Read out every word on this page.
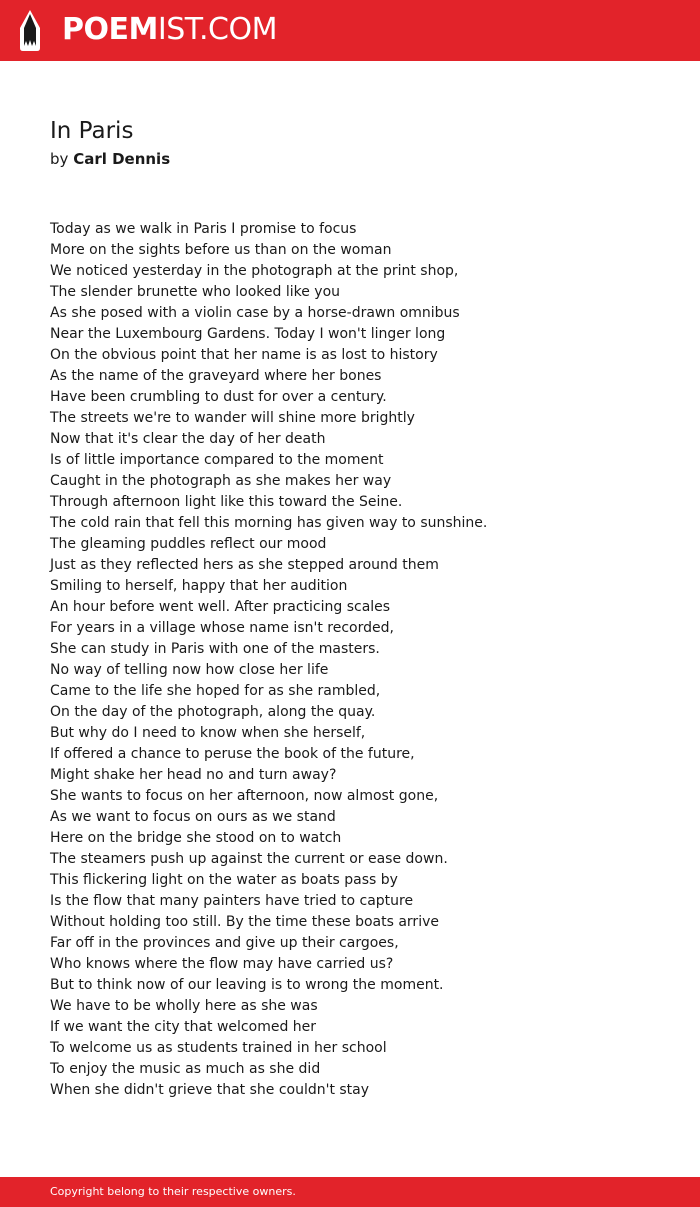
POEMIST.COM
In Paris
by Carl Dennis
Today as we walk in Paris I promise to focus
More on the sights before us than on the woman
We noticed yesterday in the photograph at the print shop,
The slender brunette who looked like you
As she posed with a violin case by a horse-drawn omnibus
Near the Luxembourg Gardens. Today I won't linger long
On the obvious point that her name is as lost to history
As the name of the graveyard where her bones
Have been crumbling to dust for over a century.
The streets we're to wander will shine more brightly
Now that it's clear the day of her death
Is of little importance compared to the moment
Caught in the photograph as she makes her way
Through afternoon light like this toward the Seine.
The cold rain that fell this morning has given way to sunshine.
The gleaming puddles reflect our mood
Just as they reflected hers as she stepped around them
Smiling to herself, happy that her audition
An hour before went well. After practicing scales
For years in a village whose name isn't recorded,
She can study in Paris with one of the masters.
No way of telling now how close her life
Came to the life she hoped for as she rambled,
On the day of the photograph, along the quay.
But why do I need to know when she herself,
If offered a chance to peruse the book of the future,
Might shake her head no and turn away?
She wants to focus on her afternoon, now almost gone,
As we want to focus on ours as we stand
Here on the bridge she stood on to watch
The steamers push up against the current or ease down.
This flickering light on the water as boats pass by
Is the flow that many painters have tried to capture
Without holding too still. By the time these boats arrive
Far off in the provinces and give up their cargoes,
Who knows where the flow may have carried us?
But to think now of our leaving is to wrong the moment.
We have to be wholly here as she was
If we want the city that welcomed her
To welcome us as students trained in her school
To enjoy the music as much as she did
When she didn't grieve that she couldn't stay
Copyright belong to their respective owners.
